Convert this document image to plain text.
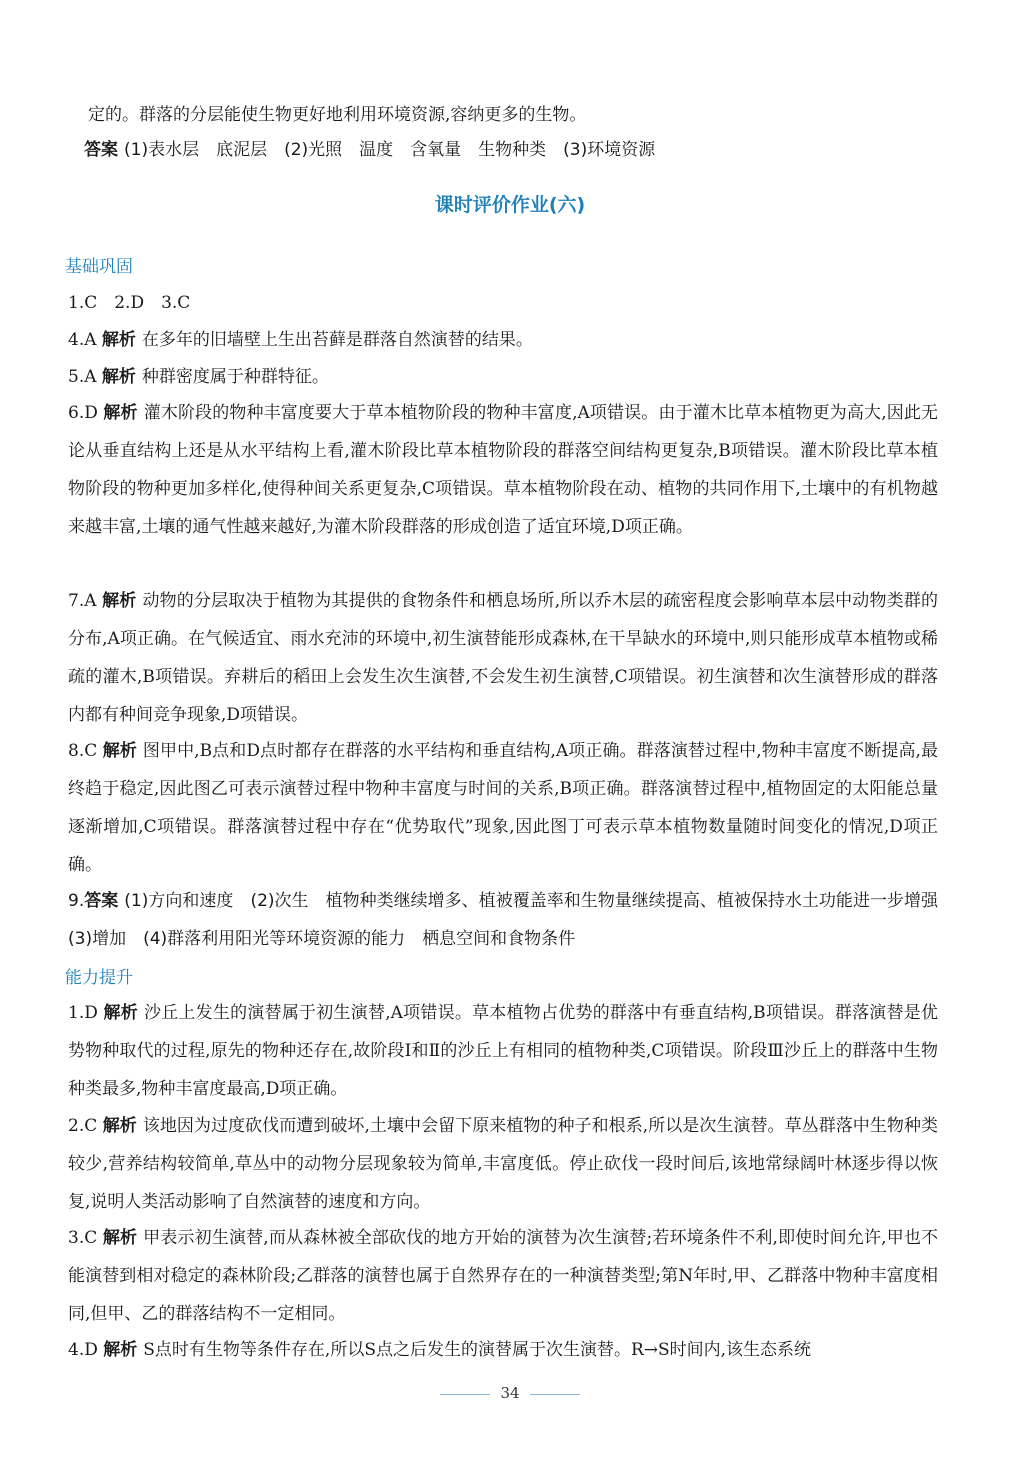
定的。群落的分层能使生物更好地利用环境资源,容纳更多的生物。

答案 (1)表水层　底泥层　(2)光照　温度　含氧量　生物种类　(3)环境资源

课时评价作业(六)
基础巩固

1.C　2.D　3.C

4.A 解析 在多年的旧墙壁上生出苔藓是群落自然演替的结果。

5.A 解析 种群密度属于种群特征。

6.D 解析 灌木阶段的物种丰富度要大于草本植物阶段的物种丰富度,A项错误。由于灌木比草本植物更为高大,因此无论从垂直结构上还是从水平结构上看,灌木阶段比草本植物阶段的群落空间结构更复杂,B项错误。灌木阶段比草本植物阶段的物种更加多样化,使得种间关系更复杂,C项错误。草本植物阶段在动、植物的共同作用下,土壤中的有机物越来越丰富,土壤的通气性越来越好,为灌木阶段群落的形成创造了适宜环境,D项正确。

7.A 解析 动物的分层取决于植物为其提供的食物条件和栖息场所,所以乔木层的疏密程度会影响草本层中动物类群的分布,A项正确。在气候适宜、雨水充沛的环境中,初生演替能形成森林,在干旱缺水的环境中,则只能形成草本植物或稀疏的灌木,B项错误。弃耕后的稻田上会发生次生演替,不会发生初生演替,C项错误。初生演替和次生演替形成的群落内都有种间竞争现象,D项错误。

8.C 解析 图甲中,B点和D点时都存在群落的水平结构和垂直结构,A项正确。群落演替过程中,物种丰富度不断提高,最终趋于稳定,因此图乙可表示演替过程中物种丰富度与时间的关系,B项正确。群落演替过程中,植物固定的太阳能总量逐渐增加,C项错误。群落演替过程中存在“优势取代”现象,因此图丁可表示草本植物数量随时间变化的情况,D项正确。

9.答案 (1)方向和速度　(2)次生　植物种类继续增多、植被覆盖率和生物量继续提高、植被保持水土功能进一步增强　(3)增加　(4)群落利用阳光等环境资源的能力　栖息空间和食物条件

能力提升

1.D 解析 沙丘上发生的演替属于初生演替,A项错误。草本植物占优势的群落中有垂直结构,B项错误。群落演替是优势物种取代的过程,原先的物种还存在,故阶段Ⅰ和Ⅱ的沙丘上有相同的植物种类,C项错误。阶段Ⅲ沙丘上的群落中生物种类最多,物种丰富度最高,D项正确。

2.C 解析 该地因为过度砍伐而遭到破坏,土壤中会留下原来植物的种子和根系,所以是次生演替。草丛群落中生物种类较少,营养结构较简单,草丛中的动物分层现象较为简单,丰富度低。停止砍伐一段时间后,该地常绿阔叶林逐步得以恢复,说明人类活动影响了自然演替的速度和方向。

3.C 解析 甲表示初生演替,而从森林被全部砍伐的地方开始的演替为次生演替;若环境条件不利,即使时间允许,甲也不能演替到相对稳定的森林阶段;乙群落的演替也属于自然界存在的一种演替类型;第N年时,甲、乙群落中物种丰富度相同,但甲、乙的群落结构不一定相同。

4.D 解析 S点时有生物等条件存在,所以S点之后发生的演替属于次生演替。R→S时间内,该生态系统

34
